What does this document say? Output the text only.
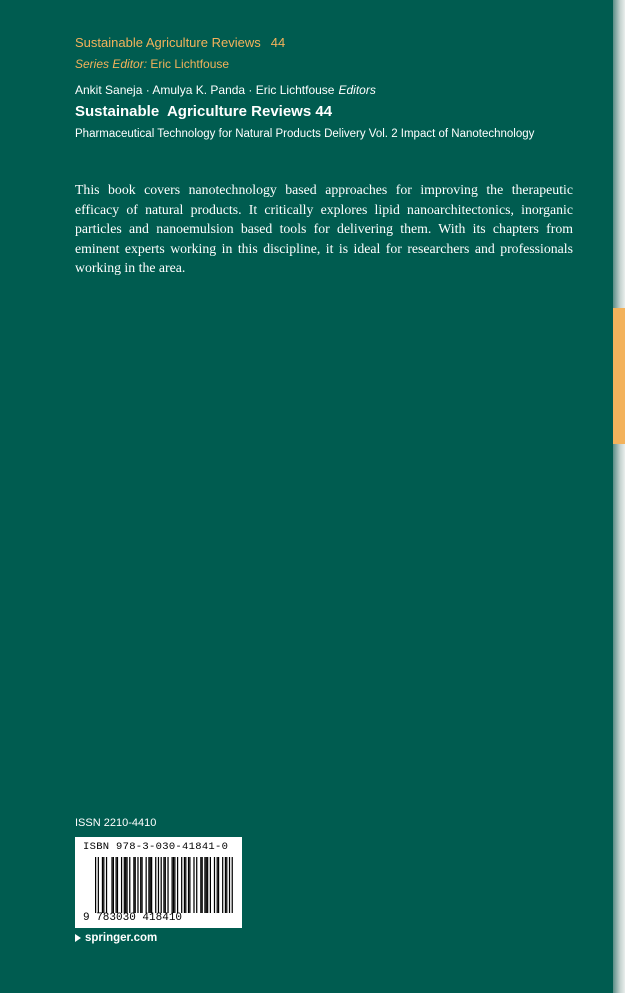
Sustainable Agriculture Reviews 44
Series Editor: Eric Lichtfouse
Ankit Saneja · Amulya K. Panda · Eric Lichtfouse Editors
Sustainable  Agriculture Reviews 44
Pharmaceutical Technology for Natural Products Delivery Vol. 2 Impact of Nanotechnology

This book covers nanotechnology based approaches for improving the therapeutic efficacy of natural products. It critically explores lipid nanoarchitectonics, inorganic particles and nanoemulsion based tools for delivering them. With its chapters from eminent experts working in this discipline, it is ideal for researchers and professionals working in the area.

ISSN 2210-4410
ISBN 978-3-030-41841-0
9 783030 418410
springer.com
